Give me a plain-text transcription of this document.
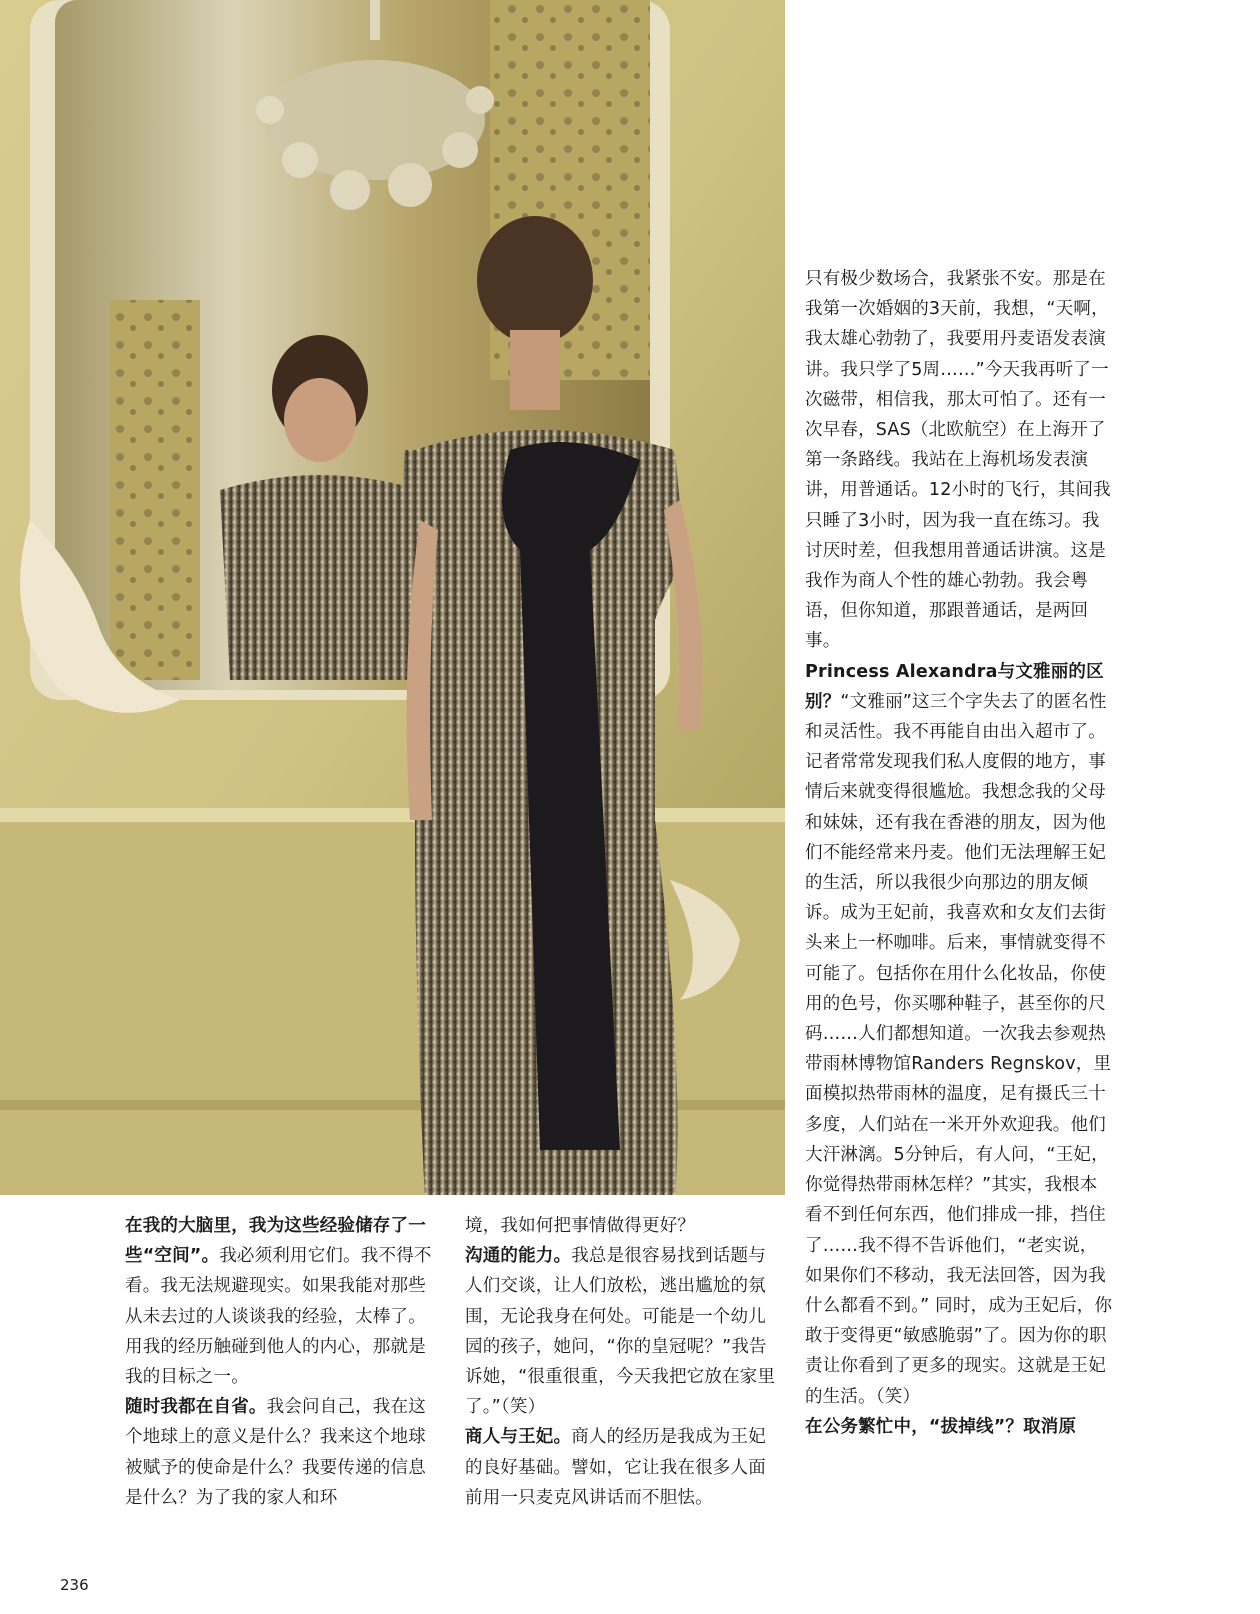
只有极少数场合，我紧张不安。那是在我第一次婚姻的3天前，我想，“天啊，我太雄心勃勃了，我要用丹麦语发表演讲。我只学了5周……”今天我再听了一次磁带，相信我，那太可怕了。还有一次早春，SAS（北欧航空）在上海开了第一条路线。我站在上海机场发表演讲，用普通话。12小时的飞行，其间我只睡了3小时，因为我一直在练习。我讨厌时差，但我想用普通话讲演。这是我作为商人个性的雄心勃勃。我会粤语，但你知道，那跟普通话，是两回事。

Princess Alexandra与文雅丽的区别？“文雅丽”这三个字失去了的匿名性和灵活性。我不再能自由出入超市了。记者常常发现我们私人度假的地方，事情后来就变得很尴尬。我想念我的父母和妹妹，还有我在香港的朋友，因为他们不能经常来丹麦。他们无法理解王妃的生活，所以我很少向那边的朋友倾诉。成为王妃前，我喜欢和女友们去街头来上一杯咖啡。后来，事情就变得不可能了。包括你在用什么化妆品，你使用的色号，你买哪种鞋子，甚至你的尺码……人们都想知道。一次我去参观热带雨林博物馆Randers Regnskov，里面模拟热带雨林的温度，足有摄氏三十多度，人们站在一米开外欢迎我。他们大汗淋漓。5分钟后，有人问，“王妃，你觉得热带雨林怎样？”其实，我根本看不到任何东西，他们排成一排，挡住了……我不得不告诉他们，“老实说，如果你们不移动，我无法回答，因为我什么都看不到。” 同时，成为王妃后，你敢于变得更“敏感脆弱”了。因为你的职责让你看到了更多的现实。这就是王妃的生活。（笑）

在公务繁忙中，“拔掉线”？取消原

在我的大脑里，我为这些经验储存了一些“空间”。我必须利用它们。我不得不看。我无法规避现实。如果我能对那些从未去过的人谈谈我的经验，太棒了。用我的经历触碰到他人的内心，那就是我的目标之一。

随时我都在自省。我会问自己，我在这个地球上的意义是什么？我来这个地球被赋予的使命是什么？我要传递的信息是什么？为了我的家人和环

境，我如何把事情做得更好？

沟通的能力。我总是很容易找到话题与人们交谈，让人们放松，逃出尴尬的氛围，无论我身在何处。可能是一个幼儿园的孩子，她问，“你的皇冠呢？”我告诉她，“很重很重，今天我把它放在家里了。”（笑）

商人与王妃。商人的经历是我成为王妃的良好基础。譬如，它让我在很多人面前用一只麦克风讲话而不胆怯。

236
